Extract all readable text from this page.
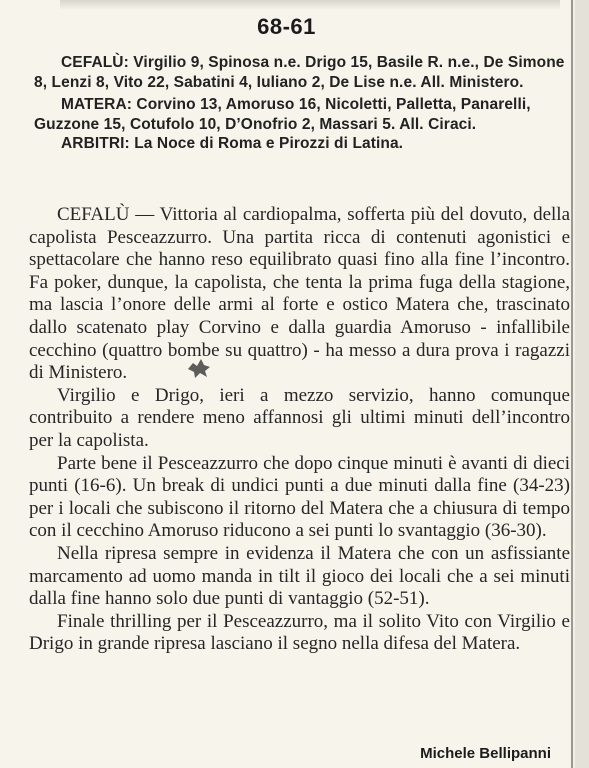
68-61

CEFALÙ: Virgilio 9, Spinosa n.e. Drigo 15, Basile R. n.e., De Simone 8, Lenzi 8, Vito 22, Sabatini 4, Iuliano 2, De Lise n.e. All. Ministero.

MATERA: Corvino 13, Amoruso 16, Nicoletti, Palletta, Panarelli, Guzzone 15, Cotufolo 10, D’Onofrio 2, Massari 5. All. Ciraci.

ARBITRI: La Noce di Roma e Pirozzi di Latina.

CEFALÙ — Vittoria al cardiopalma, sofferta più del dovuto, della capolista Pesceazzurro. Una partita ricca di contenuti agonistici e spettacolare che hanno reso equilibrato quasi fino alla fine l’incontro. Fa poker, dunque, la capolista, che tenta la prima fuga della stagione, ma lascia l’onore delle armi al forte e ostico Matera che, trascinato dallo scatenato play Corvino e dalla guardia Amoruso - infallibile cecchino (quattro bombe su quattro) - ha messo a dura prova i ragazzi di Ministero.

Virgilio e Drigo, ieri a mezzo servizio, hanno comunque contribuito a rendere meno affannosi gli ultimi minuti dell’incontro per la capolista.

Parte bene il Pesceazzurro che dopo cinque minuti è avanti di dieci punti (16-6). Un break di undici punti a due minuti dalla fine (34-23) per i locali che subiscono il ritorno del Matera che a chiusura di tempo con il cecchino Amoruso riducono a sei punti lo svantaggio (36-30).

Nella ripresa sempre in evidenza il Matera che con un asfissiante marcamento ad uomo manda in tilt il gioco dei locali che a sei minuti dalla fine hanno solo due punti di vantaggio (52-51).

Finale thrilling per il Pesceazzurro, ma il solito Vito con Virgilio e Drigo in grande ripresa lasciano il segno nella difesa del Matera.

Michele Bellipanni
